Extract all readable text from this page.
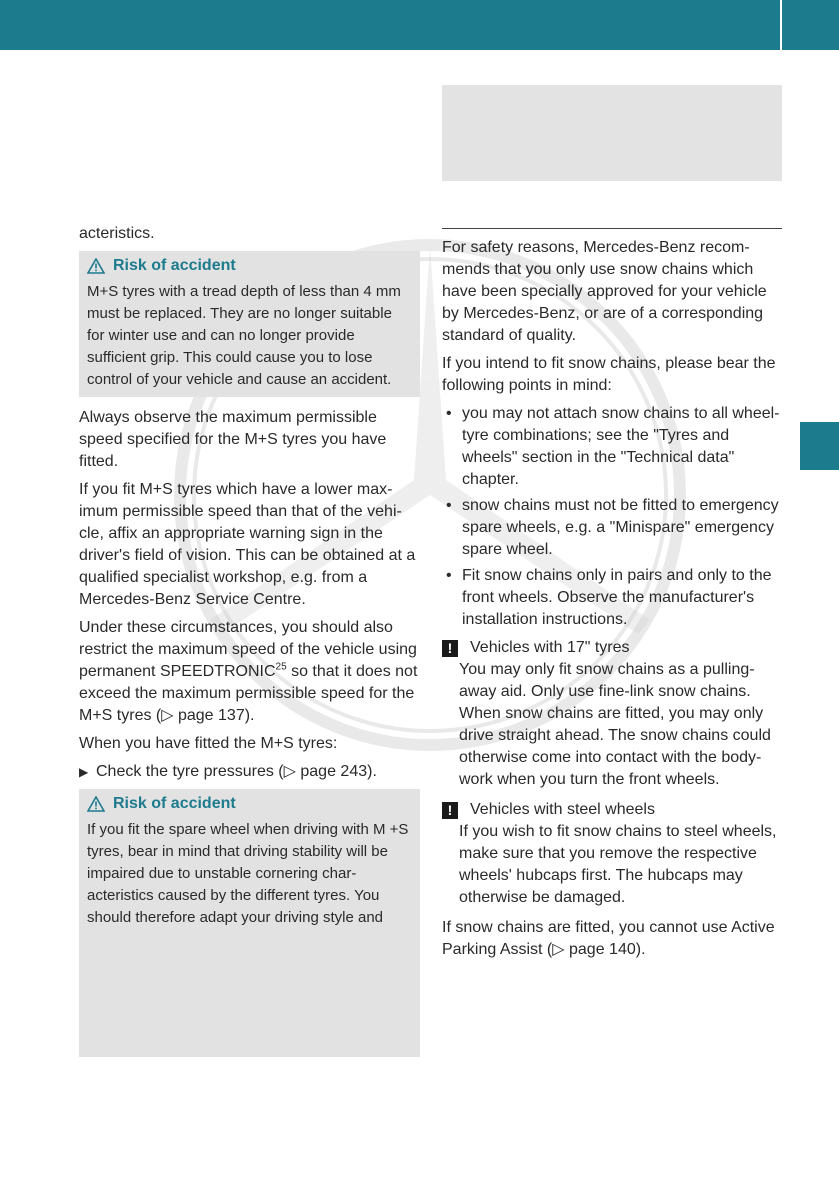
acteristics.

Risk of accident
M+S tyres with a tread depth of less than 4 mm must be replaced. They are no longer suitable for winter use and can no longer provide sufficient grip. This could cause you to lose control of your vehicle and cause an accident.

Always observe the maximum permissible speed specified for the M+S tyres you have fitted.

If you fit M+S tyres which have a lower maximum permissible speed than that of the vehicle, affix an appropriate warning sign in the driver's field of vision. This can be obtained at a qualified specialist workshop, e.g. from a Mercedes-Benz Service Centre.

Under these circumstances, you should also restrict the maximum speed of the vehicle using permanent SPEEDTRONIC$^{25}$ so that it does not exceed the maximum permissible speed for the M+S tyres (▷ page 137).

When you have fitted the M+S tyres:

▶ Check the tyre pressures (▷ page 243).
Risk of accident
If you fit the spare wheel when driving with M +S tyres, bear in mind that driving stability will be impaired due to unstable cornering characteristics caused by the different tyres. You should therefore adapt your driving style and

For safety reasons, Mercedes-Benz recommends that you only use snow chains which have been specially approved for your vehicle by Mercedes-Benz, or are of a corresponding standard of quality.

If you intend to fit snow chains, please bear the following points in mind:

• you may not attach snow chains to all wheel-tyre combinations; see the "Tyres and wheels" section in the "Technical data" chapter.
• snow chains must not be fitted to emergency spare wheels, e.g. a "Minispare" emergency spare wheel.
• Fit snow chains only in pairs and only to the front wheels. Observe the manufacturer's installation instructions.
!	Vehicles with 17" tyres
You may only fit snow chains as a pulling-away aid. Only use fine-link snow chains. When snow chains are fitted, you may only drive straight ahead. The snow chains could otherwise come into contact with the bodywork when you turn the front wheels.
!	Vehicles with steel wheels
If you wish to fit snow chains to steel wheels, make sure that you remove the respective wheels' hubcaps first. The hubcaps may otherwise be damaged.

If snow chains are fitted, you cannot use Active Parking Assist (▷ page 140).
